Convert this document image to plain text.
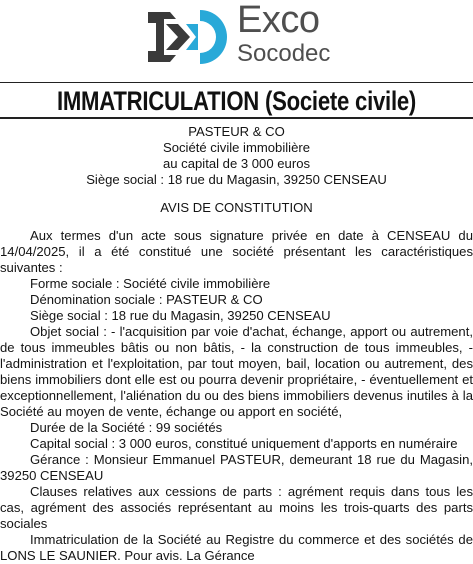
Exco
Socodec
IMMATRICULATION (Societe civile)

PASTEUR & CO

Société civile immobilière

au capital de 3 000 euros

Siège social : 18 rue du Magasin, 39250 CENSEAU

AVIS DE CONSTITUTION

Aux termes d'un acte sous signature privée en date à CENSEAU du 14/04/2025, il a été constitué une société présentant les caractéristiques suivantes :

Forme sociale : Société civile immobilière

Dénomination sociale : PASTEUR & CO

Siège social : 18 rue du Magasin, 39250 CENSEAU

Objet social : - l'acquisition par voie d'achat, échange, apport ou autrement, de tous immeubles bâtis ou non bâtis, - la construction de tous immeubles, - l'administration et l'exploitation, par tout moyen, bail, location ou autrement, des biens immobiliers dont elle est ou pourra devenir propriétaire, - éventuellement et exceptionnellement, l'aliénation du ou des biens immobiliers devenus inutiles à la Société au moyen de vente, échange ou apport en société,

Durée de la Société : 99 sociétés

Capital social : 3 000 euros, constitué uniquement d'apports en numéraire

Gérance : Monsieur Emmanuel PASTEUR, demeurant 18 rue du Magasin, 39250 CENSEAU

Clauses relatives aux cessions de parts : agrément requis dans tous les cas, agrément des associés représentant au moins les trois-quarts des parts sociales

Immatriculation de la Société au Registre du commerce et des sociétés de LONS LE SAUNIER. Pour avis. La Gérance
